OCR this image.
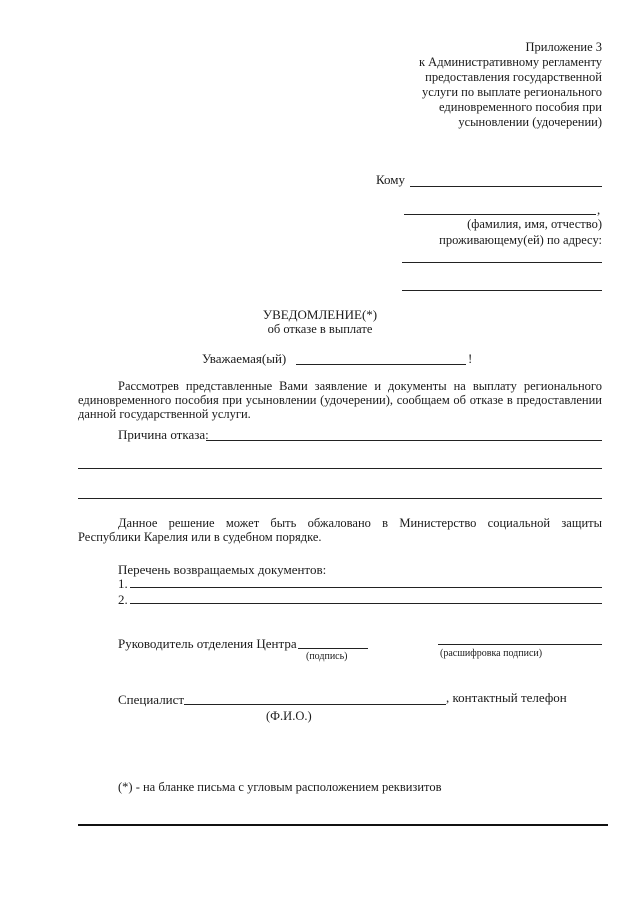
Приложение 3
к Административному регламенту
предоставления государственной
услуги по выплате регионального
единовременного пособия при
усыновлении (удочерении)
Кому
,
(фамилия, имя, отчество)
проживающему(ей) по адресу:
УВЕДОМЛЕНИЕ(*)
об отказе в выплате
Уважаемая(ый)	!
Рассмотрев представленные Вами заявление и документы на выплату регионального единовременного пособия при усыновлении (удочерении), сообщаем об отказе в предоставлении данной государственной услуги.
Причина отказа:
Данное решение может быть обжаловано в Министерство социальной защиты Республики Карелия или в судебном порядке.
Перечень возвращаемых документов:
1.
2.
Руководитель отделения Центра
(подпись)	(расшифровка подписи)
Специалист	, контактный телефон
(Ф.И.О.)
(*) - на бланке письма с угловым расположением реквизитов
